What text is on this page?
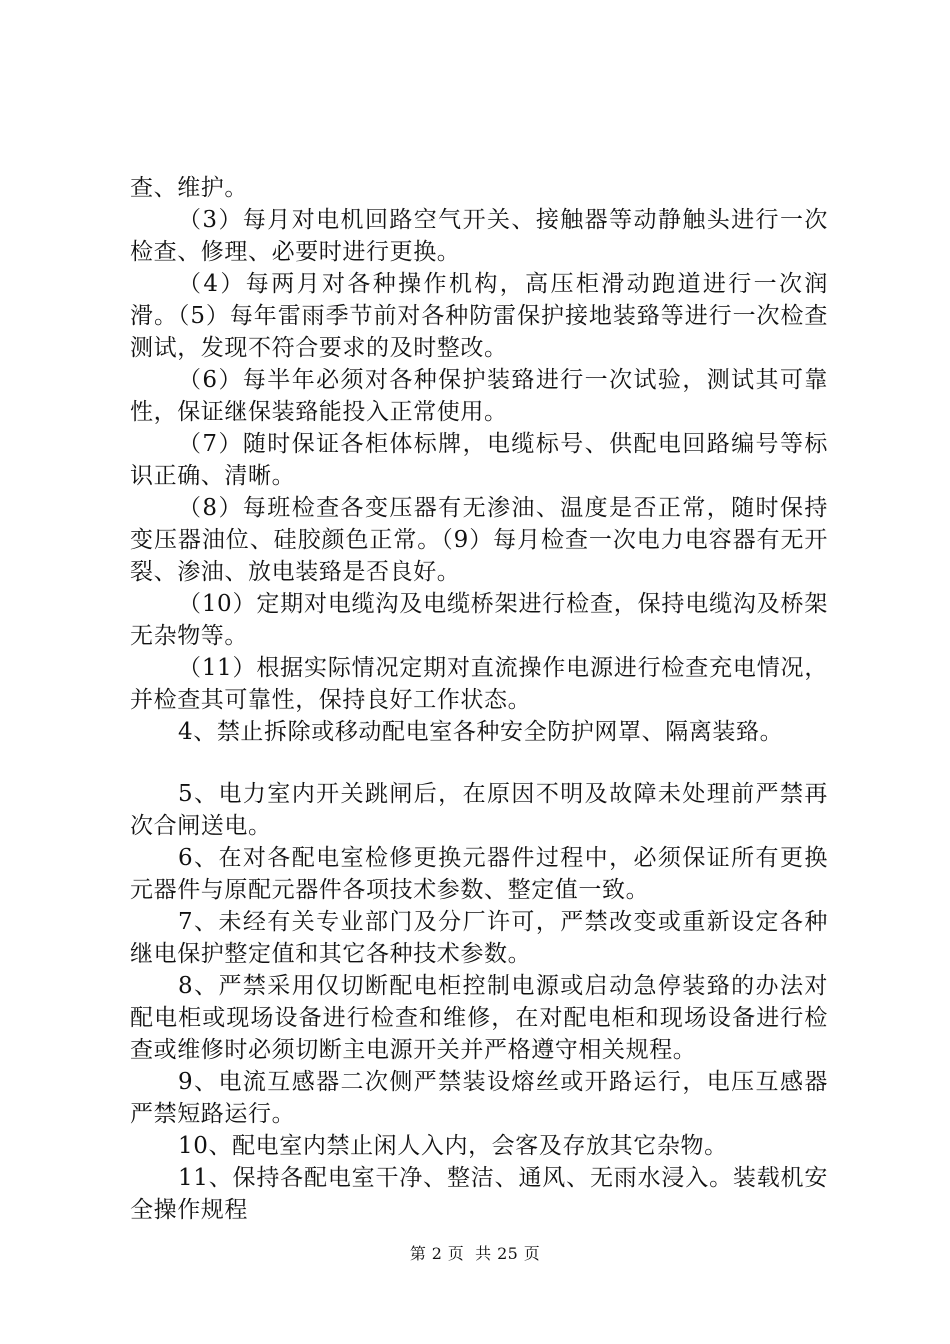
查、维护。

（3）每月对电机回路空气开关、接触器等动静触头进行一次检查、修理、必要时进行更换。

（4）每两月对各种操作机构，高压柜滑动跑道进行一次润滑。（5）每年雷雨季节前对各种防雷保护接地装臵等进行一次检查测试，发现不符合要求的及时整改。

（6）每半年必须对各种保护装臵进行一次试验，测试其可靠性，保证继保装臵能投入正常使用。

（7）随时保证各柜体标牌，电缆标号、供配电回路编号等标识正确、清晰。

（8）每班检查各变压器有无渗油、温度是否正常，随时保持变压器油位、硅胶颜色正常。（9）每月检查一次电力电容器有无开裂、渗油、放电装臵是否良好。

（10）定期对电缆沟及电缆桥架进行检查，保持电缆沟及桥架无杂物等。

（11）根据实际情况定期对直流操作电源进行检查充电情况，并检查其可靠性，保持良好工作状态。

4、禁止拆除或移动配电室各种安全防护网罩、隔离装臵。

5、电力室内开关跳闸后，在原因不明及故障未处理前严禁再次合闸送电。

6、在对各配电室检修更换元器件过程中，必须保证所有更换元器件与原配元器件各项技术参数、整定值一致。

7、未经有关专业部门及分厂许可，严禁改变或重新设定各种继电保护整定值和其它各种技术参数。

8、严禁采用仅切断配电柜控制电源或启动急停装臵的办法对配电柜或现场设备进行检查和维修，在对配电柜和现场设备进行检查或维修时必须切断主电源开关并严格遵守相关规程。

9、电流互感器二次侧严禁装设熔丝或开路运行，电压互感器严禁短路运行。

10、配电室内禁止闲人入内，会客及存放其它杂物。

11、保持各配电室干净、整洁、通风、无雨水浸入。装载机安全操作规程

第 2 页  共 25 页
